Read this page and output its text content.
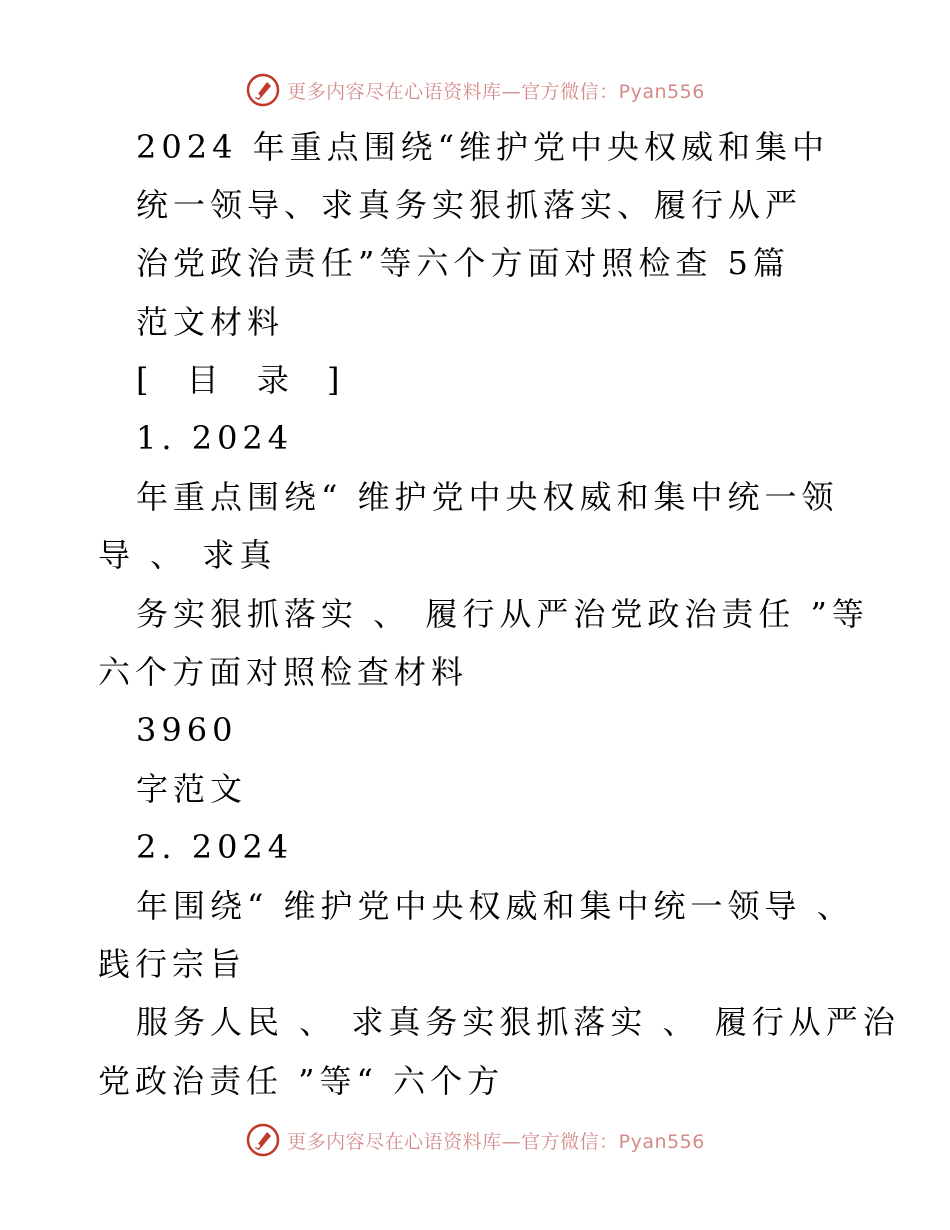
更多内容尽在心语资料库—官方微信：Pyan556
2024 年重点围绕“维护党中央权威和集中
统一领导、求真务实狠抓落实、履行从严
治党政治责任”等六个方面对照检查 5篇
范文材料
[ 目 录 ]
1. 2024
年重点围绕“ 维护党中央权威和集中统一领
导 、 求真
务实狠抓落实 、 履行从严治党政治责任 ”等
六个方面对照检查材料
3960
字范文
2. 2024
年围绕“ 维护党中央权威和集中统一领导 、
践行宗旨
服务人民 、 求真务实狠抓落实 、 履行从严治
党政治责任 ”等“ 六个方
更多内容尽在心语资料库—官方微信：Pyan556
